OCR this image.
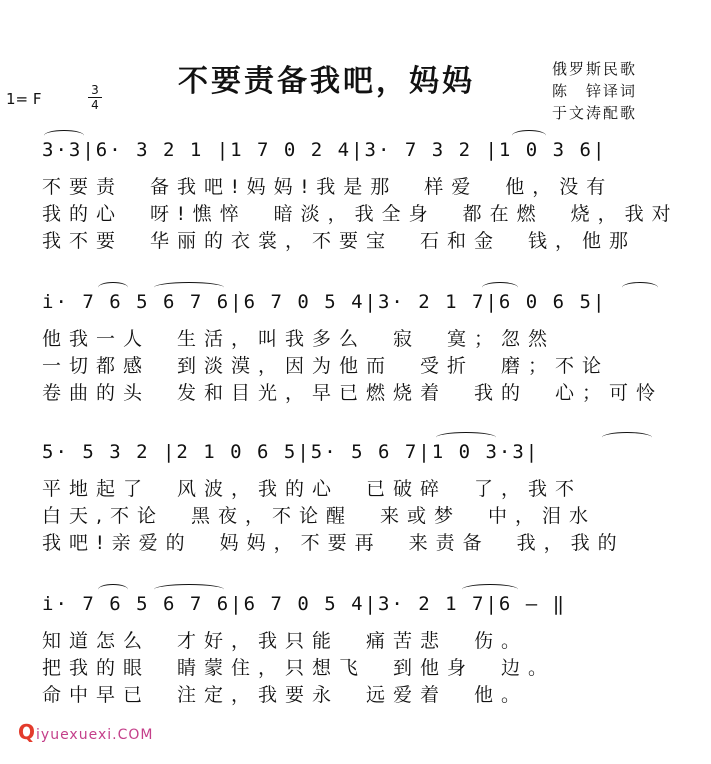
不要责备我吧，妈妈	俄罗斯民歌
陈　锌译词
于文涛配歌
1= F	3
4
3·3|6· 3 2 1 |1 7 0 2 4|3· 7 3 2 |1 0 3 6|
不要责　备我吧!妈妈!我是那　样爱　他，没有
我的心　呀!憔悴　暗淡，我全身　都在燃　烧，我对
我不要　华丽的衣裳，不要宝　石和金　钱，他那
i· 7 6 5 6 7 6|6 7 0 5 4|3· 2 1 7|6 0 6 5|
他我一人　生活，叫我多么　寂　寞；忽然
一切都感　到淡漠，因为他而　受折　磨；不论
卷曲的头　发和目光，早已燃烧着　我的　心；可怜
5· 5 3 2 |2 1 0 6 5|5· 5 6 7|1 0 3·3|
平地起了　风波，我的心　已破碎　了，我不
白天,不论　黑夜，不论醒　来或梦　中，泪水
我吧!亲爱的　妈妈，不要再　来责备　我，我的
i· 7 6 5 6 7 6|6 7 0 5 4|3· 2 1 7|6 — ‖
知道怎么　才好，我只能　痛苦悲　伤。
把我的眼　睛蒙住，只想飞　到他身　边。
命中早已　注定，我要永　远爱着　他。
Qiyuexuexi.COM
